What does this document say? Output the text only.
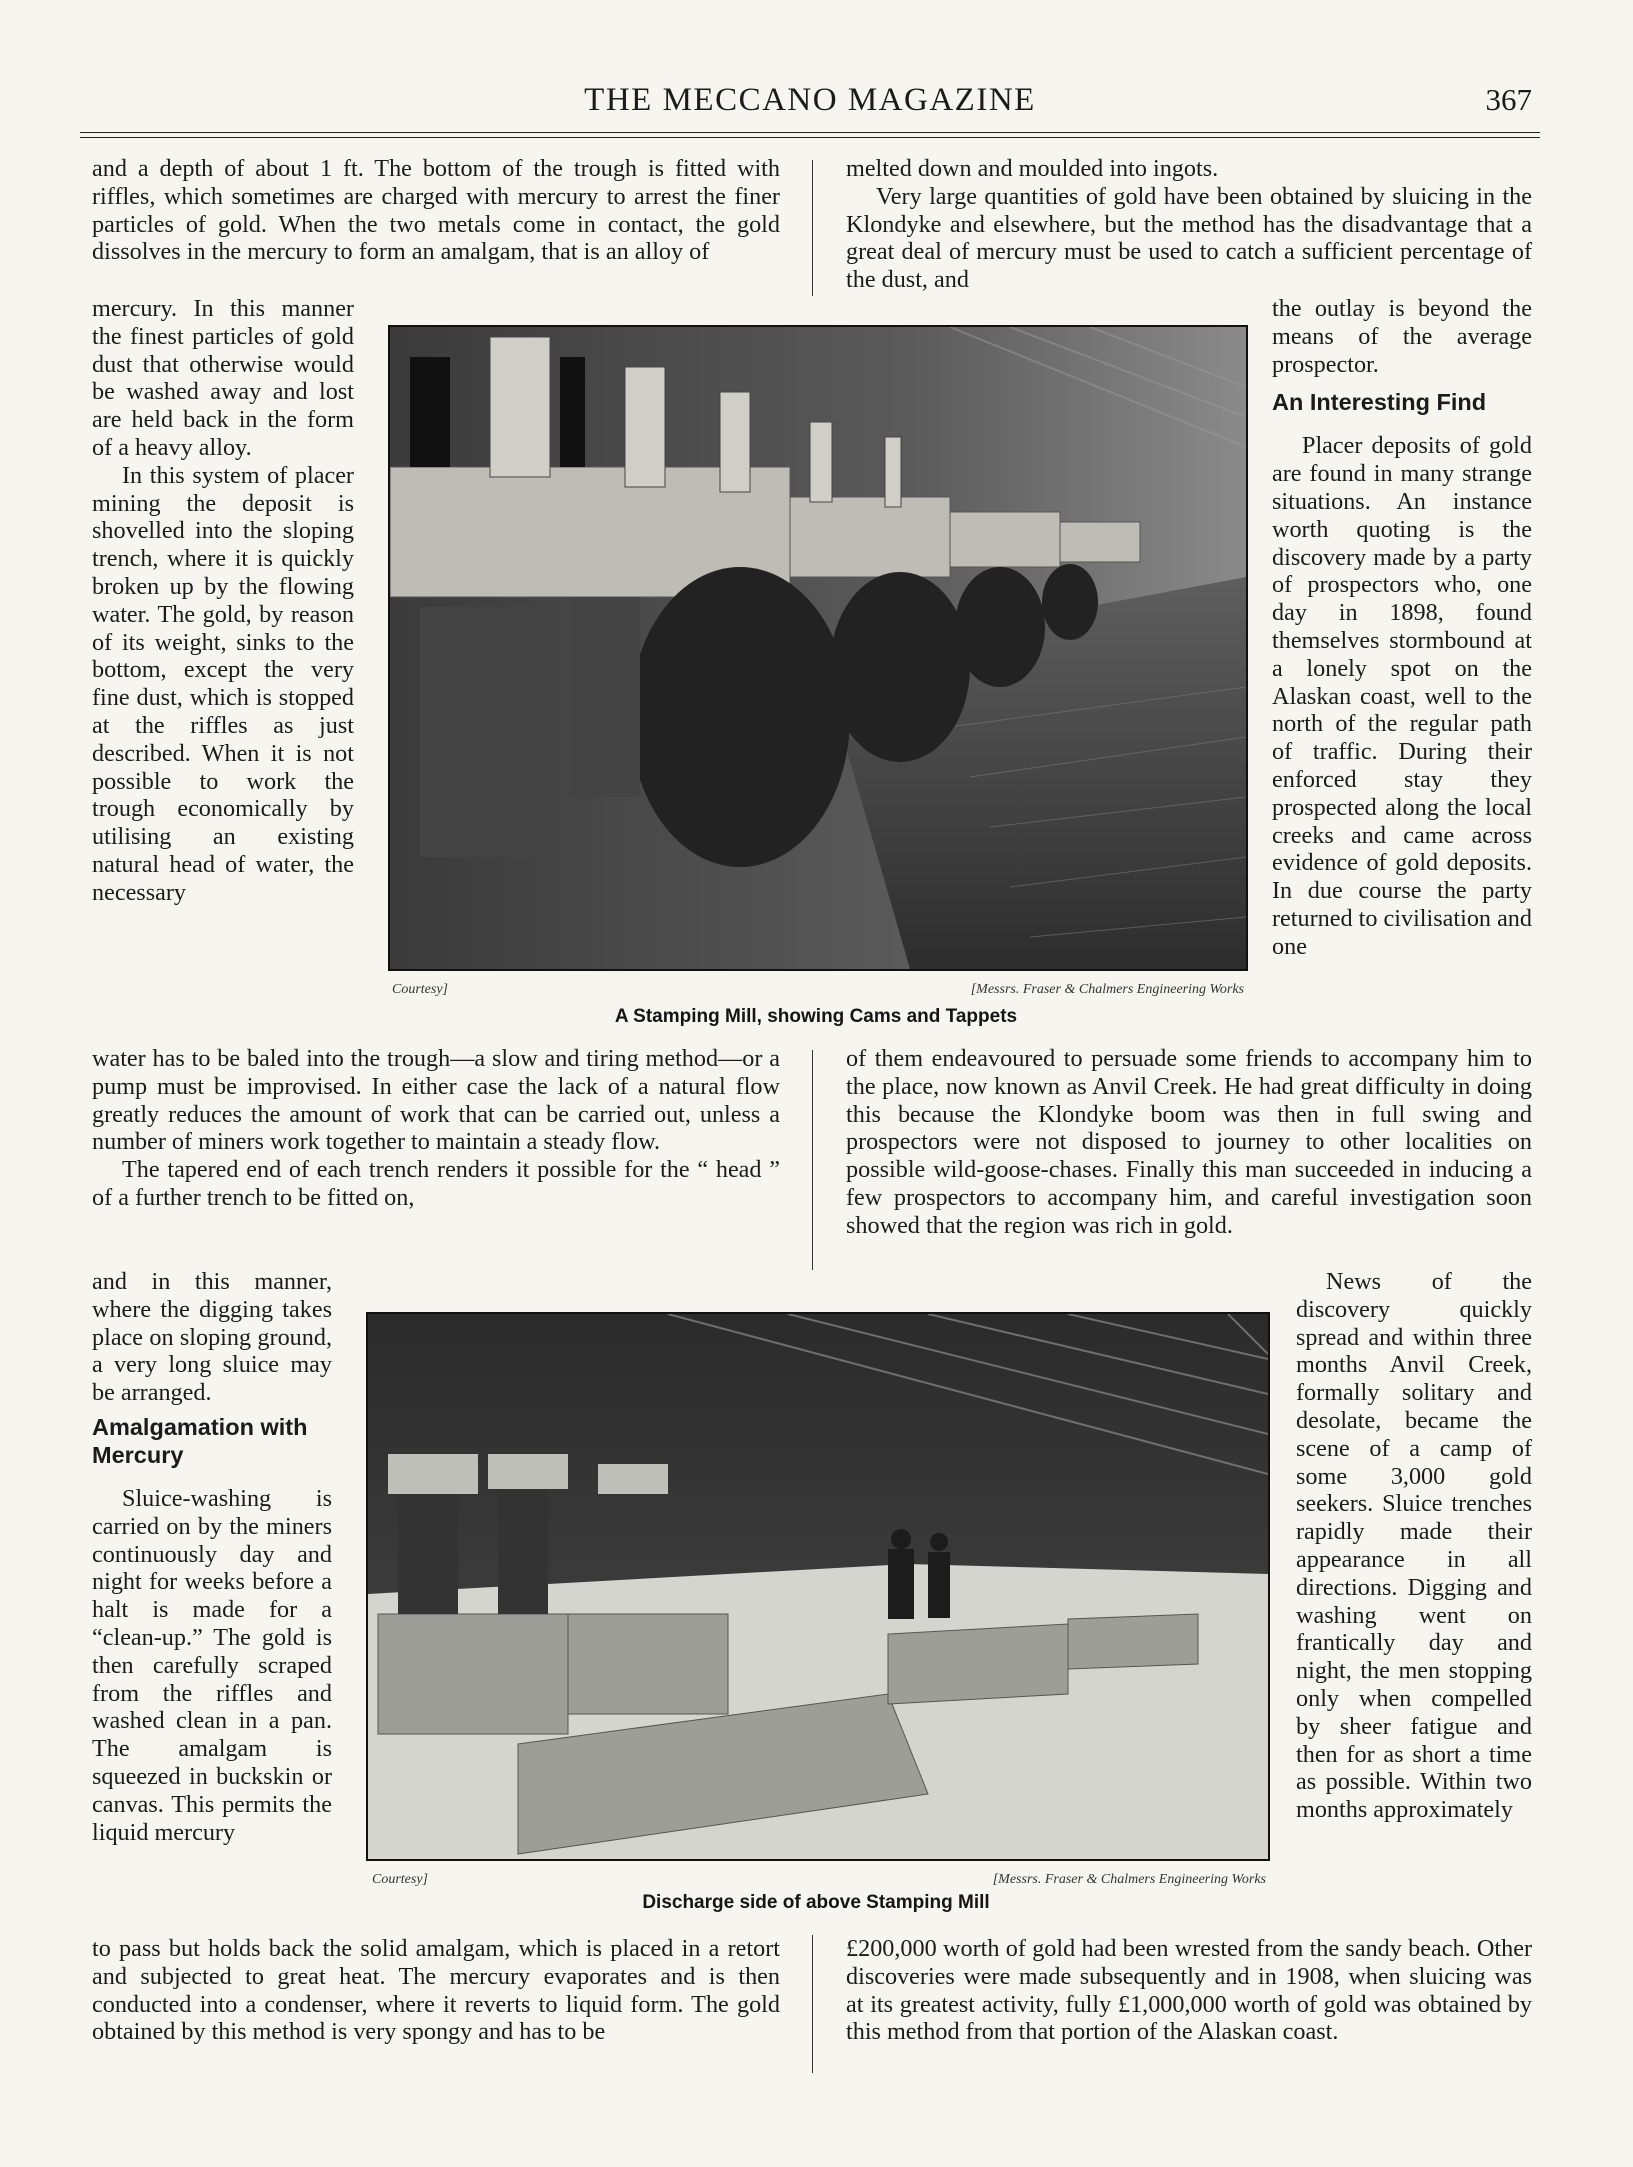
THE MECCANO MAGAZINE	367

and a depth of about 1 ft. The bottom of the trough is fitted with riffles, which sometimes are charged with mercury to arrest the finer particles of gold. When the two metals come in contact, the gold dissolves in the mercury to form an amalgam, that is an alloy of

mercury. In this manner the finest particles of gold dust that otherwise would be washed away and lost are held back in the form of a heavy alloy.

In this system of placer mining the deposit is shovelled into the sloping trench, where it is quickly broken up by the flowing water. The gold, by reason of its weight, sinks to the bottom, except the very fine dust, which is stopped at the riffles as just described. When it is not possible to work the trough economically by utilising an existing natural head of water, the necessary

water has to be baled into the trough—a slow and tiring method—or a pump must be improvised. In either case the lack of a natural flow greatly reduces the amount of work that can be carried out, unless a number of miners work together to maintain a steady flow.

The tapered end of each trench renders it possible for the “ head ” of a further trench to be fitted on,

and in this manner, where the digging takes place on sloping ground, a very long sluice may be arranged.

Amalgamation with Mercury

Sluice-washing is carried on by the miners continuously day and night for weeks before a halt is made for a “clean-up.” The gold is then carefully scraped from the riffles and washed clean in a pan. The amalgam is squeezed in buckskin or canvas. This permits the liquid mercury

to pass but holds back the solid amalgam, which is placed in a retort and subjected to great heat. The mercury evaporates and is then conducted into a condenser, where it reverts to liquid form. The gold obtained by this method is very spongy and has to be

melted down and moulded into ingots.

Very large quantities of gold have been obtained by sluicing in the Klondyke and elsewhere, but the method has the disadvantage that a great deal of mercury must be used to catch a sufficient percentage of the dust, and

the outlay is beyond the means of the average prospector.

An Interesting Find

Placer deposits of gold are found in many strange situations. An instance worth quoting is the discovery made by a party of prospectors who, one day in 1898, found themselves stormbound at a lonely spot on the Alaskan coast, well to the north of the regular path of traffic. During their enforced stay they prospected along the local creeks and came across evidence of gold deposits. In due course the party returned to civilisation and one

of them endeavoured to persuade some friends to accompany him to the place, now known as Anvil Creek. He had great difficulty in doing this because the Klondyke boom was then in full swing and prospectors were not disposed to journey to other localities on possible wild-goose-chases. Finally this man succeeded in inducing a few prospectors to accompany him, and careful investigation soon showed that the region was rich in gold.

News of the discovery quickly spread and within three months Anvil Creek, formally solitary and desolate, became the scene of a camp of some 3,000 gold seekers. Sluice trenches rapidly made their appearance in all directions. Digging and washing went on frantically day and night, the men stopping only when compelled by sheer fatigue and then for as short a time as possible. Within two months approximately

£200,000 worth of gold had been wrested from the sandy beach. Other discoveries were made subsequently and in 1908, when sluicing was at its greatest activity, fully £1,000,000 worth of gold was obtained by this method from that portion of the Alaskan coast.

Courtesy]	[Messrs. Fraser & Chalmers Engineering Works
A Stamping Mill, showing Cams and Tappets
Courtesy]	[Messrs. Fraser & Chalmers Engineering Works
Discharge side of above Stamping Mill
